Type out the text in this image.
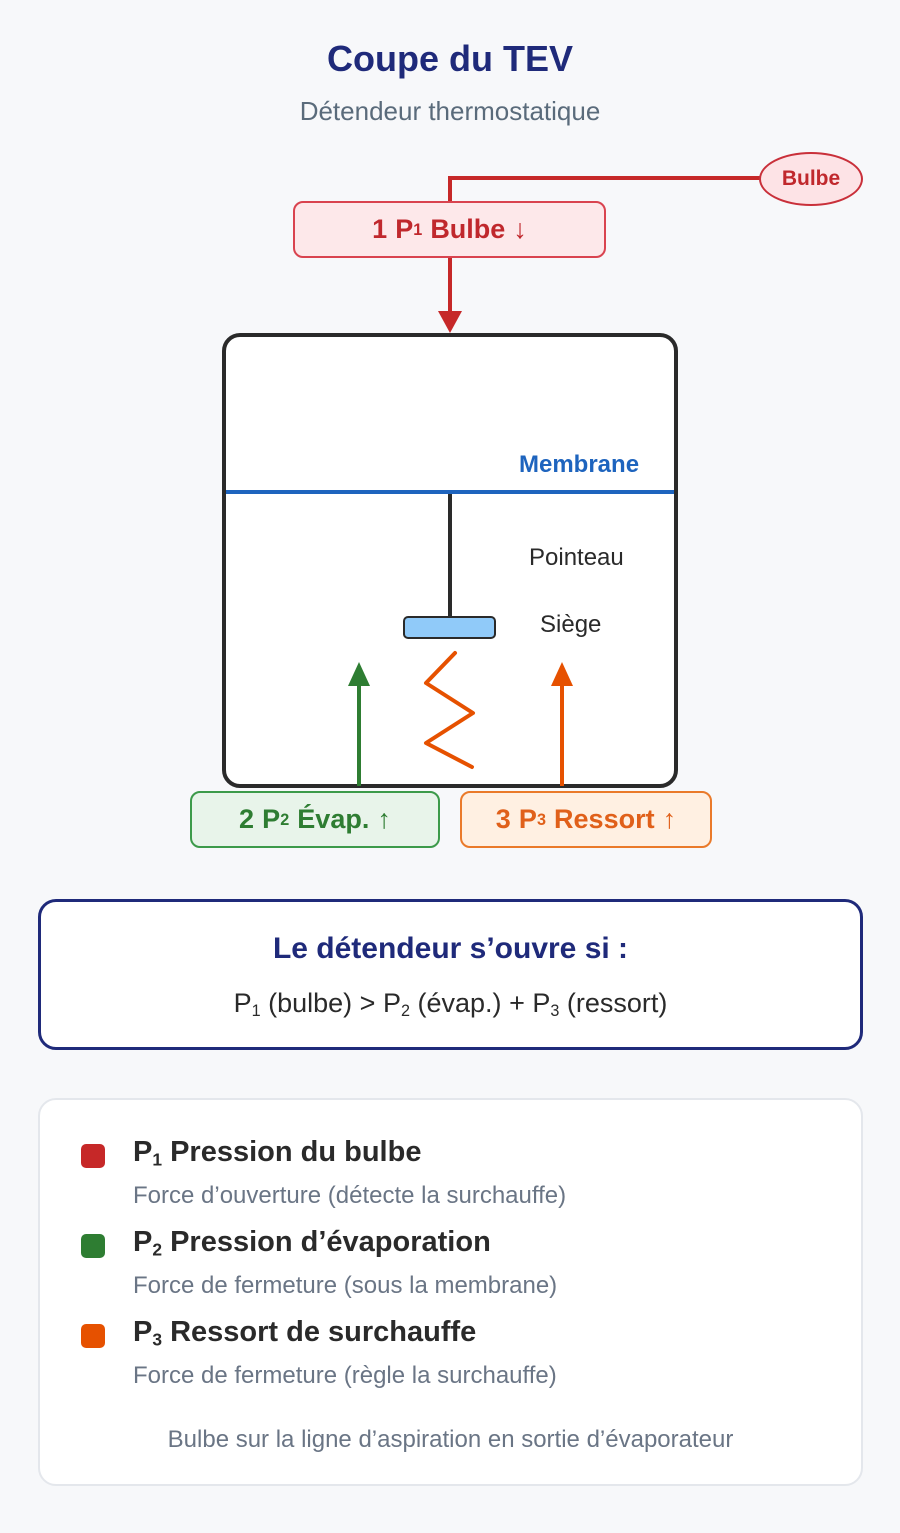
Coupe du TEV
Détendeur thermostatique
Bulbe
1 P 1 Bulbe ↓
Membrane
Pointeau
Siège
2 P 2 Évap. ↑	3 P 3 Ressort ↑
Le détendeur s’ouvre si :
$P_1$ (bulbe) > $P_2$ (évap.) + $P_3$ (ressort)
$P_1$ Pression du bulbe
Force d’ouverture (détecte la surchauffe)
$P_2$ Pression d’évaporation
Force de fermeture (sous la membrane)
$P_3$ Ressort de surchauffe
Force de fermeture (règle la surchauffe)
Bulbe sur la ligne d’aspiration en sortie d’évaporateur
